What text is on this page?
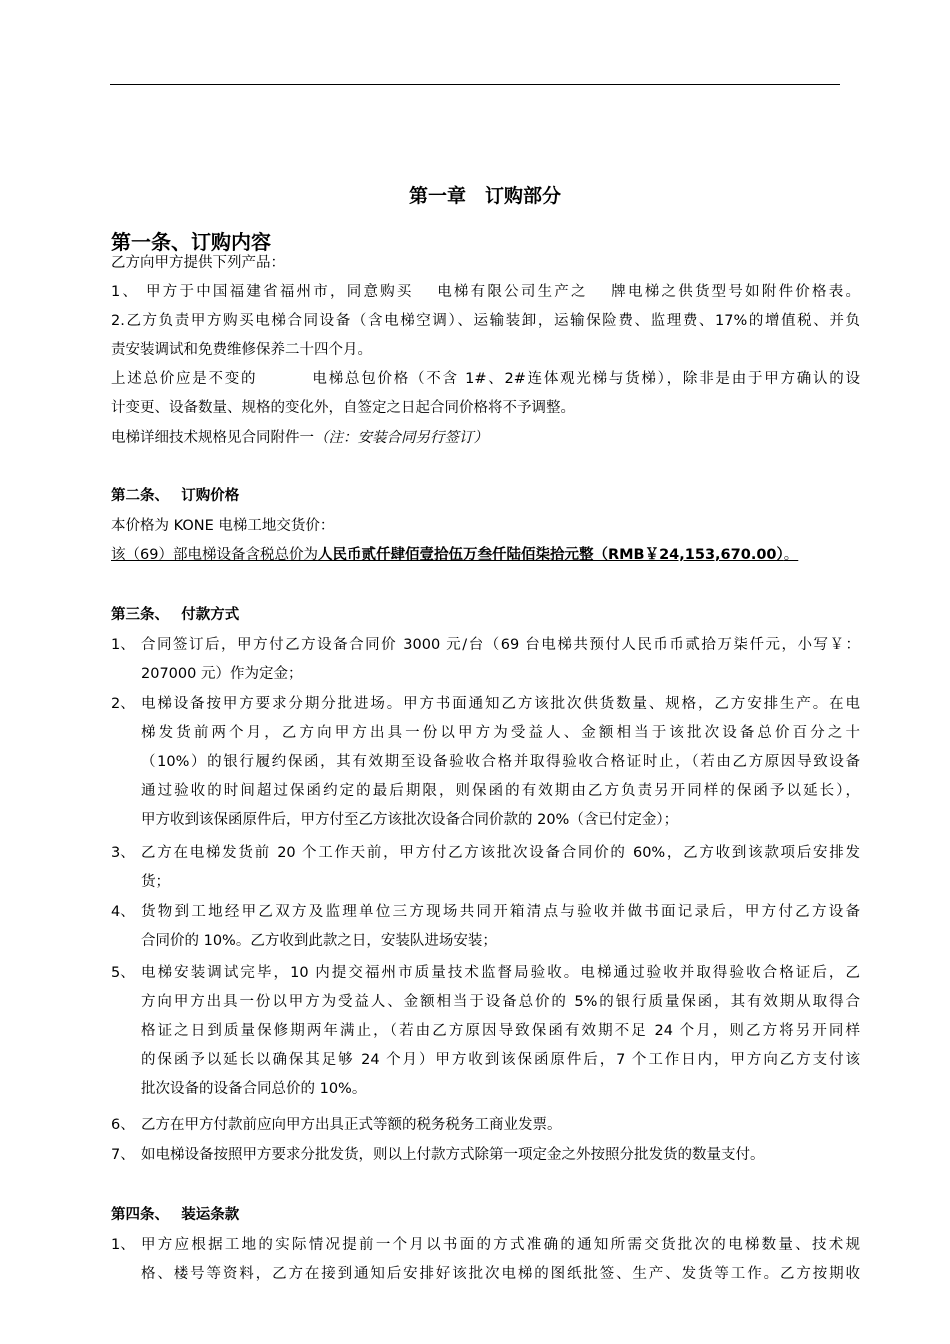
第一章　订购部分
第一条、订购内容
乙方向甲方提供下列产品：
1、 甲方于中国福建省福州市，同意购买　 电梯有限公司生产之　 牌电梯之供货型号如附件价格表。
2.乙方负责甲方购买电梯合同设备（含电梯空调）、运输装卸，运输保险费、监理费、17%的增值税、并负
责安装调试和免费维修保养二十四个月。
上述总价应是不变的　　　 电梯总包价格（不含 1#、2#连体观光梯与货梯），除非是由于甲方确认的设
计变更、设备数量、规格的变化外，自签定之日起合同价格将不予调整。
电梯详细技术规格见合同附件一（注：安装合同另行签订）
第二条、　 订购价格
本价格为 KONE 电梯工地交货价：
该（69）部电梯设备含税总价为人民币贰仟肆佰壹拾伍万叁仟陆佰柒拾元整（RMB￥24,153,670.00）。
第三条、　 付款方式
1、 合同签订后，甲方付乙方设备合同价 3000 元/台（69 台电梯共预付人民币币贰拾万柒仟元，小写￥：
207000 元）作为定金；
2、 电梯设备按甲方要求分期分批进场。甲方书面通知乙方该批次供货数量、规格，乙方安排生产。在电
梯发货前两个月，乙方向甲方出具一份以甲方为受益人、金额相当于该批次设备总价百分之十
（10%）的银行履约保函，其有效期至设备验收合格并取得验收合格证时止，（若由乙方原因导致设备
通过验收的时间超过保函约定的最后期限，则保函的有效期由乙方负责另开同样的保函予以延长），
甲方收到该保函原件后，甲方付至乙方该批次设备合同价款的 20%（含已付定金）；
3、 乙方在电梯发货前 20 个工作天前，甲方付乙方该批次设备合同价的 60%，乙方收到该款项后安排发
货；
4、 货物到工地经甲乙双方及监理单位三方现场共同开箱清点与验收并做书面记录后，甲方付乙方设备
合同价的 10%。乙方收到此款之日，安装队进场安装；
5、 电梯安装调试完毕，10 内提交福州市质量技术监督局验收。电梯通过验收并取得验收合格证后，乙
方向甲方出具一份以甲方为受益人、金额相当于设备总价的 5%的银行质量保函，其有效期从取得合
格证之日到质量保修期两年满止，（若由乙方原因导致保函有效期不足 24 个月，则乙方将另开同样
的保函予以延长以确保其足够 24 个月）甲方收到该保函原件后，7 个工作日内，甲方向乙方支付该
批次设备的设备合同总价的 10%。
6、 乙方在甲方付款前应向甲方出具正式等额的税务税务工商业发票。
7、 如电梯设备按照甲方要求分批发货，则以上付款方式除第一项定金之外按照分批发货的数量支付。
第四条、　 装运条款
1、 甲方应根据工地的实际情况提前一个月以书面的方式准确的通知所需交货批次的电梯数量、技术规
格、楼号等资料，乙方在接到通知后安排好该批次电梯的图纸批签、生产、发货等工作。乙方按期收
